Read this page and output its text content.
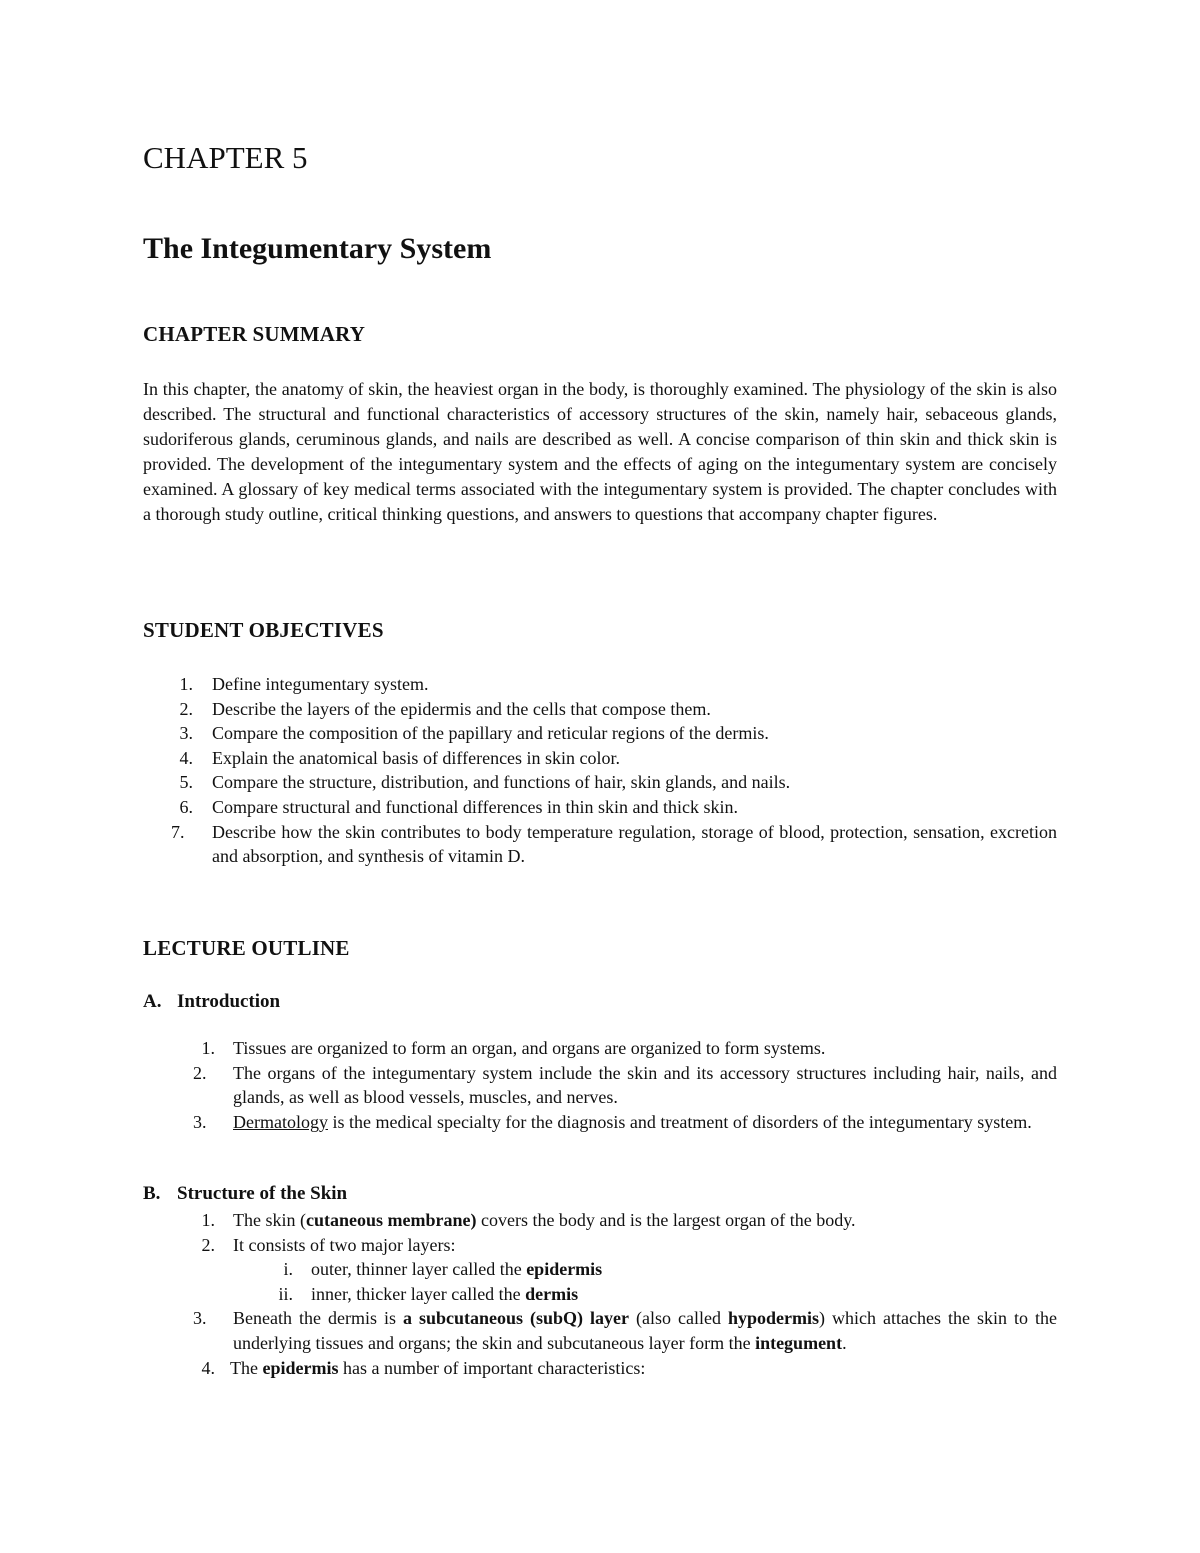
CHAPTER 5
The Integumentary System
CHAPTER SUMMARY

In this chapter, the anatomy of skin, the heaviest organ in the body, is thoroughly examined. The physiology of the skin is also described. The structural and functional characteristics of accessory structures of the skin, namely hair, sebaceous glands, sudoriferous glands, ceruminous glands, and nails are described as well. A concise comparison of thin skin and thick skin is provided. The development of the integumentary system and the effects of aging on the integumentary system are concisely examined. A glossary of key medical terms associated with the integumentary system is provided. The chapter concludes with a thorough study outline, critical thinking questions, and answers to questions that accompany chapter figures.

STUDENT OBJECTIVES
1. Define integumentary system.
2. Describe the layers of the epidermis and the cells that compose them.
3. Compare the composition of the papillary and reticular regions of the dermis.
4. Explain the anatomical basis of differences in skin color.
5. Compare the structure, distribution, and functions of hair, skin glands, and nails.
6. Compare structural and functional differences in thin skin and thick skin.
7.	Describe how the skin contributes to body temperature regulation, storage of blood, protection, sensation, excretion and absorption, and synthesis of vitamin D.
LECTURE OUTLINE
A. Introduction
1. Tissues are organized to form an organ, and organs are organized to form systems.
2.	The organs of the integumentary system include the skin and its accessory structures including hair, nails, and glands, as well as blood vessels, muscles, and nerves.
3.	Dermatology is the medical specialty for the diagnosis and treatment of disorders of the integumentary system.
B. Structure of the Skin
1. The skin (cutaneous membrane) covers the body and is the largest organ of the body.
2. It consists of two major layers:
i. outer, thinner layer called the epidermis
ii. inner, thicker layer called the dermis
3.	Beneath the dermis is a subcutaneous (subQ) layer (also called hypodermis) which attaches the skin to the underlying tissues and organs; the skin and subcutaneous layer form the integument.
4. The epidermis has a number of important characteristics:
